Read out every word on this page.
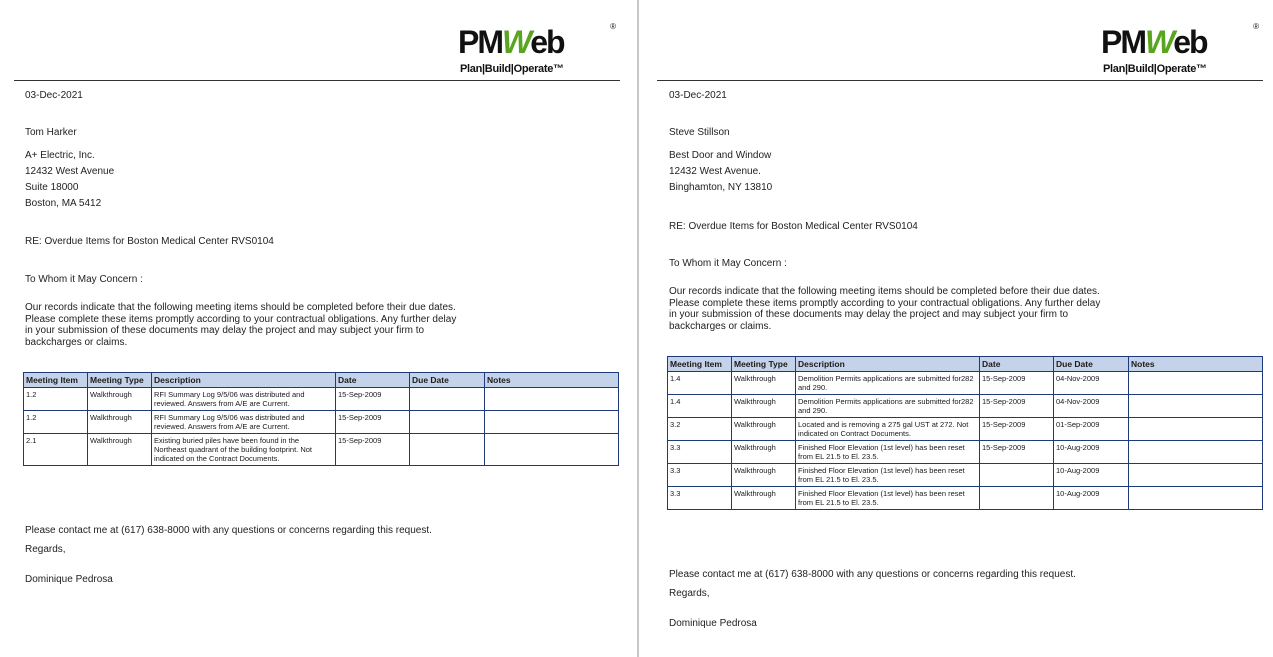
PMWeb	®
Plan|Build|Operate™
03-Dec-2021
Tom Harker
A+ Electric, Inc.
12432 West Avenue
Suite 18000
Boston, MA 5412
RE: Overdue Items for Boston Medical Center RVS0104
To Whom it May Concern :
Our records indicate that the following meeting items should be completed before their due dates.
Please complete these items promptly according to your contractual obligations. Any further delay
in your submission of these documents may delay the project and may subject your firm to
backcharges or claims.
Meeting Item	Meeting Type	Description	Date	Due Date	Notes
1.2	Walkthrough	RFI Summary Log 9/5/06 was distributed and reviewed. Answers from A/E are Current.	15-Sep-2009		
1.2	Walkthrough	RFI Summary Log 9/5/06 was distributed and reviewed. Answers from A/E are Current.	15-Sep-2009		
2.1	Walkthrough	Existing buried piles have been found in the Northeast quadrant of the building footprint. Not indicated on the Contract Documents.	15-Sep-2009		
Please contact me at (617) 638-8000 with any questions or concerns regarding this request.
Regards,
Dominique Pedrosa
PMWeb	®
Plan|Build|Operate™
03-Dec-2021
Steve Stillson
Best Door and Window
12432 West Avenue.
Binghamton, NY 13810
RE: Overdue Items for Boston Medical Center RVS0104
To Whom it May Concern :
Our records indicate that the following meeting items should be completed before their due dates.
Please complete these items promptly according to your contractual obligations. Any further delay
in your submission of these documents may delay the project and may subject your firm to
backcharges or claims.
Meeting Item	Meeting Type	Description	Date	Due Date	Notes
1.4	Walkthrough	Demolition Permits applications are submitted for282 and 290.	15-Sep-2009	04-Nov-2009	
1.4	Walkthrough	Demolition Permits applications are submitted for282 and 290.	15-Sep-2009	04-Nov-2009	
3.2	Walkthrough	Located and is removing a 275 gal UST at 272. Not indicated on Contract Documents.	15-Sep-2009	01-Sep-2009	
3.3	Walkthrough	Finished Floor Elevation (1st level) has been reset from EL 21.5 to El. 23.5.	15-Sep-2009	10-Aug-2009	
3.3	Walkthrough	Finished Floor Elevation (1st level) has been reset from EL 21.5 to El. 23.5.		10-Aug-2009	
3.3	Walkthrough	Finished Floor Elevation (1st level) has been reset from EL 21.5 to El. 23.5.		10-Aug-2009	
Please contact me at (617) 638-8000 with any questions or concerns regarding this request.
Regards,
Dominique Pedrosa
